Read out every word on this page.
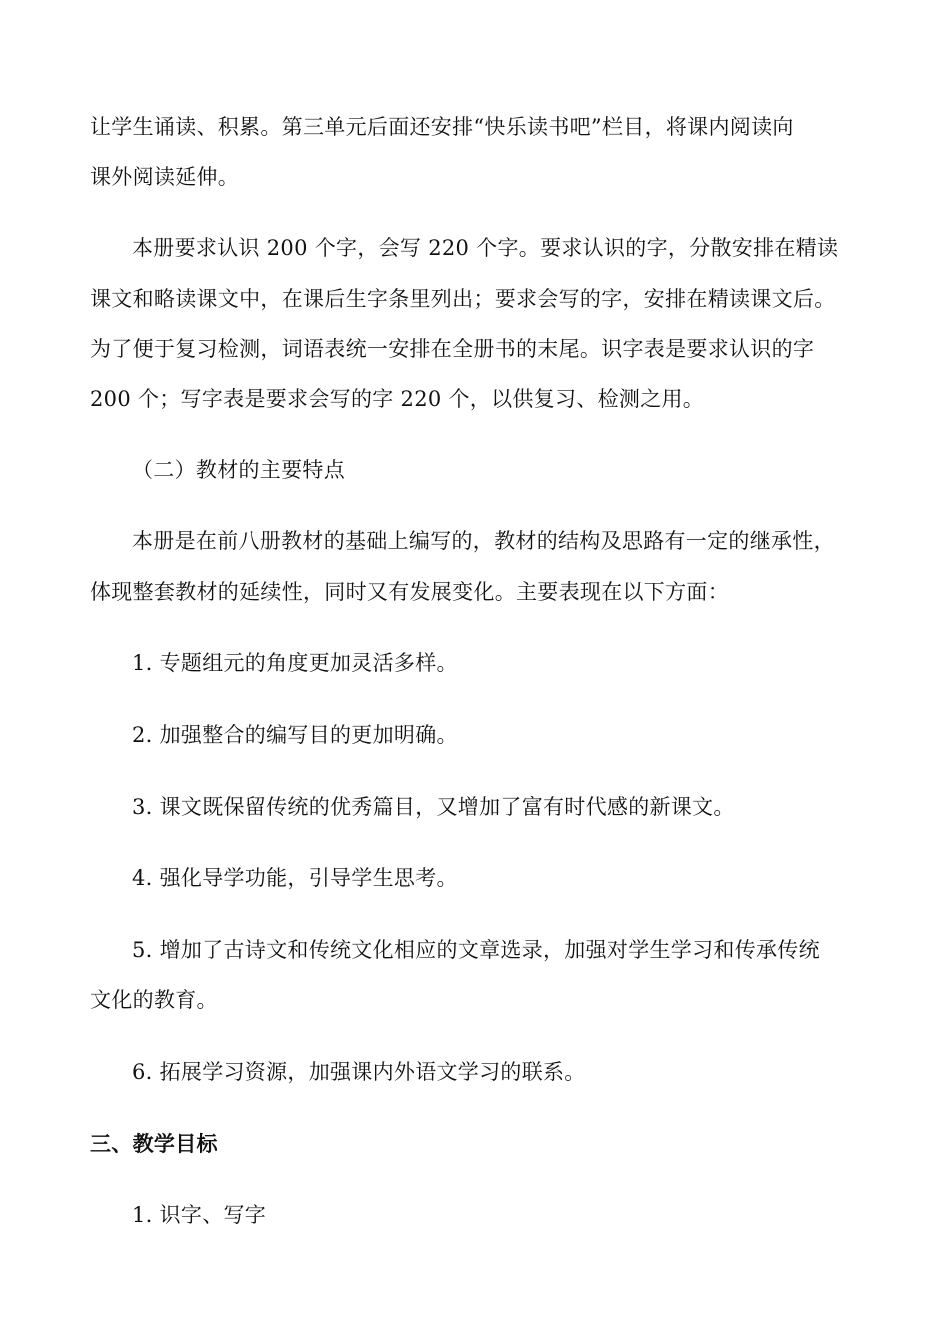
让学生诵读、积累。第三单元后面还安排“快乐读书吧”栏目，将课内阅读向
课外阅读延伸。
本册要求认识 200 个字，会写 220 个字。要求认识的字，分散安排在精读
课文和略读课文中，在课后生字条里列出；要求会写的字，安排在精读课文后。
为了便于复习检测，词语表统一安排在全册书的末尾。识字表是要求认识的字
200 个；写字表是要求会写的字 220 个，以供复习、检测之用。
（二）教材的主要特点
本册是在前八册教材的基础上编写的，教材的结构及思路有一定的继承性，
体现整套教材的延续性，同时又有发展变化。主要表现在以下方面：
1. 专题组元的角度更加灵活多样。
2. 加强整合的编写目的更加明确。
3. 课文既保留传统的优秀篇目，又增加了富有时代感的新课文。
4. 强化导学功能，引导学生思考。
5. 增加了古诗文和传统文化相应的文章选录，加强对学生学习和传承传统
文化的教育。
6. 拓展学习资源，加强课内外语文学习的联系。
三、教学目标
1. 识字、写字
